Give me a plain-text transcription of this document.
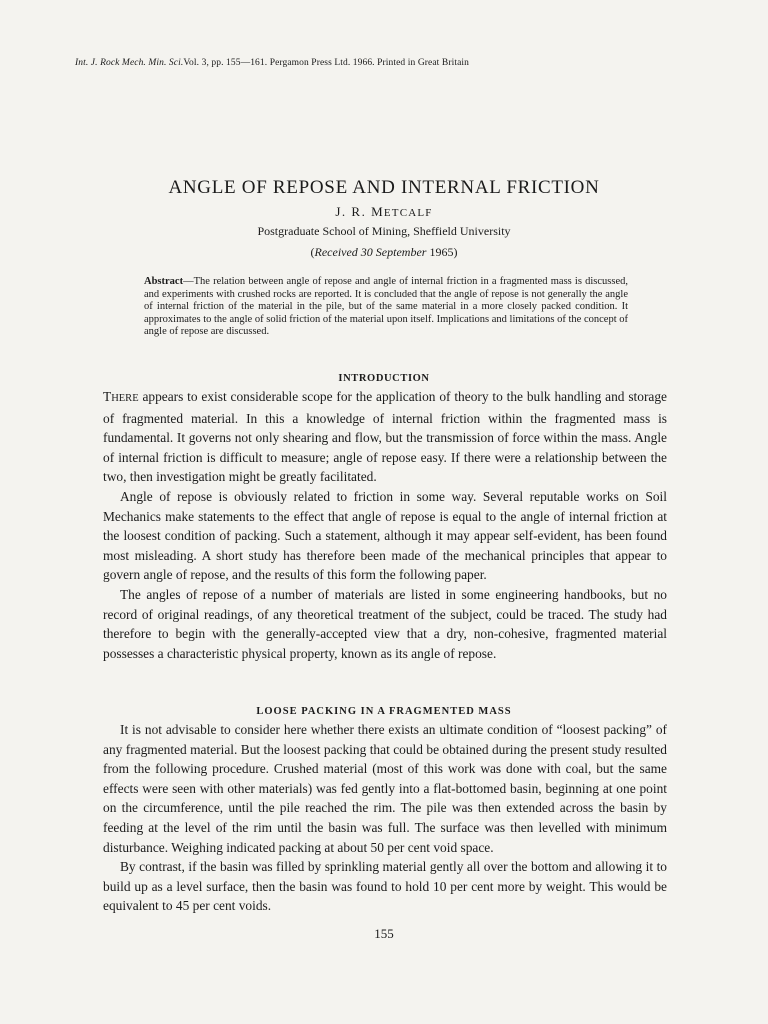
Int. J. Rock Mech. Min. Sci.Vol. 3, pp. 155—161. Pergamon Press Ltd. 1966. Printed in Great Britain
ANGLE OF REPOSE AND INTERNAL FRICTION
J. R. METCALF
Postgraduate School of Mining, Sheffield University
(Received 30 September 1965)
Abstract—The relation between angle of repose and angle of internal friction in a fragmented mass is discussed, and experiments with crushed rocks are reported. It is concluded that the angle of repose is not generally the angle of internal friction of the material in the pile, but of the same material in a more closely packed condition. It approximates to the angle of solid friction of the material upon itself. Implications and limitations of the concept of angle of repose are discussed.
INTRODUCTION

THERE appears to exist considerable scope for the application of theory to the bulk handling and storage of fragmented material. In this a knowledge of internal friction within the fragmented mass is fundamental. It governs not only shearing and flow, but the transmission of force within the mass. Angle of internal friction is difficult to measure; angle of repose easy. If there were a relationship between the two, then investigation might be greatly facilitated.

Angle of repose is obviously related to friction in some way. Several reputable works on Soil Mechanics make statements to the effect that angle of repose is equal to the angle of internal friction at the loosest condition of packing. Such a statement, although it may appear self-evident, has been found most misleading. A short study has therefore been made of the mechanical principles that appear to govern angle of repose, and the results of this form the following paper.

The angles of repose of a number of materials are listed in some engineering handbooks, but no record of original readings, of any theoretical treatment of the subject, could be traced. The study had therefore to begin with the generally-accepted view that a dry, non-cohesive, fragmented material possesses a characteristic physical property, known as its angle of repose.

LOOSE PACKING IN A FRAGMENTED MASS

It is not advisable to consider here whether there exists an ultimate condition of “loosest packing” of any fragmented material. But the loosest packing that could be obtained during the present study resulted from the following procedure. Crushed material (most of this work was done with coal, but the same effects were seen with other materials) was fed gently into a flat-bottomed basin, beginning at one point on the circumference, until the pile reached the rim. The pile was then extended across the basin by feeding at the level of the rim until the basin was full. The surface was then levelled with minimum disturbance. Weighing indicated packing at about 50 per cent void space.

By contrast, if the basin was filled by sprinkling material gently all over the bottom and allowing it to build up as a level surface, then the basin was found to hold 10 per cent more by weight. This would be equivalent to 45 per cent voids.

155
